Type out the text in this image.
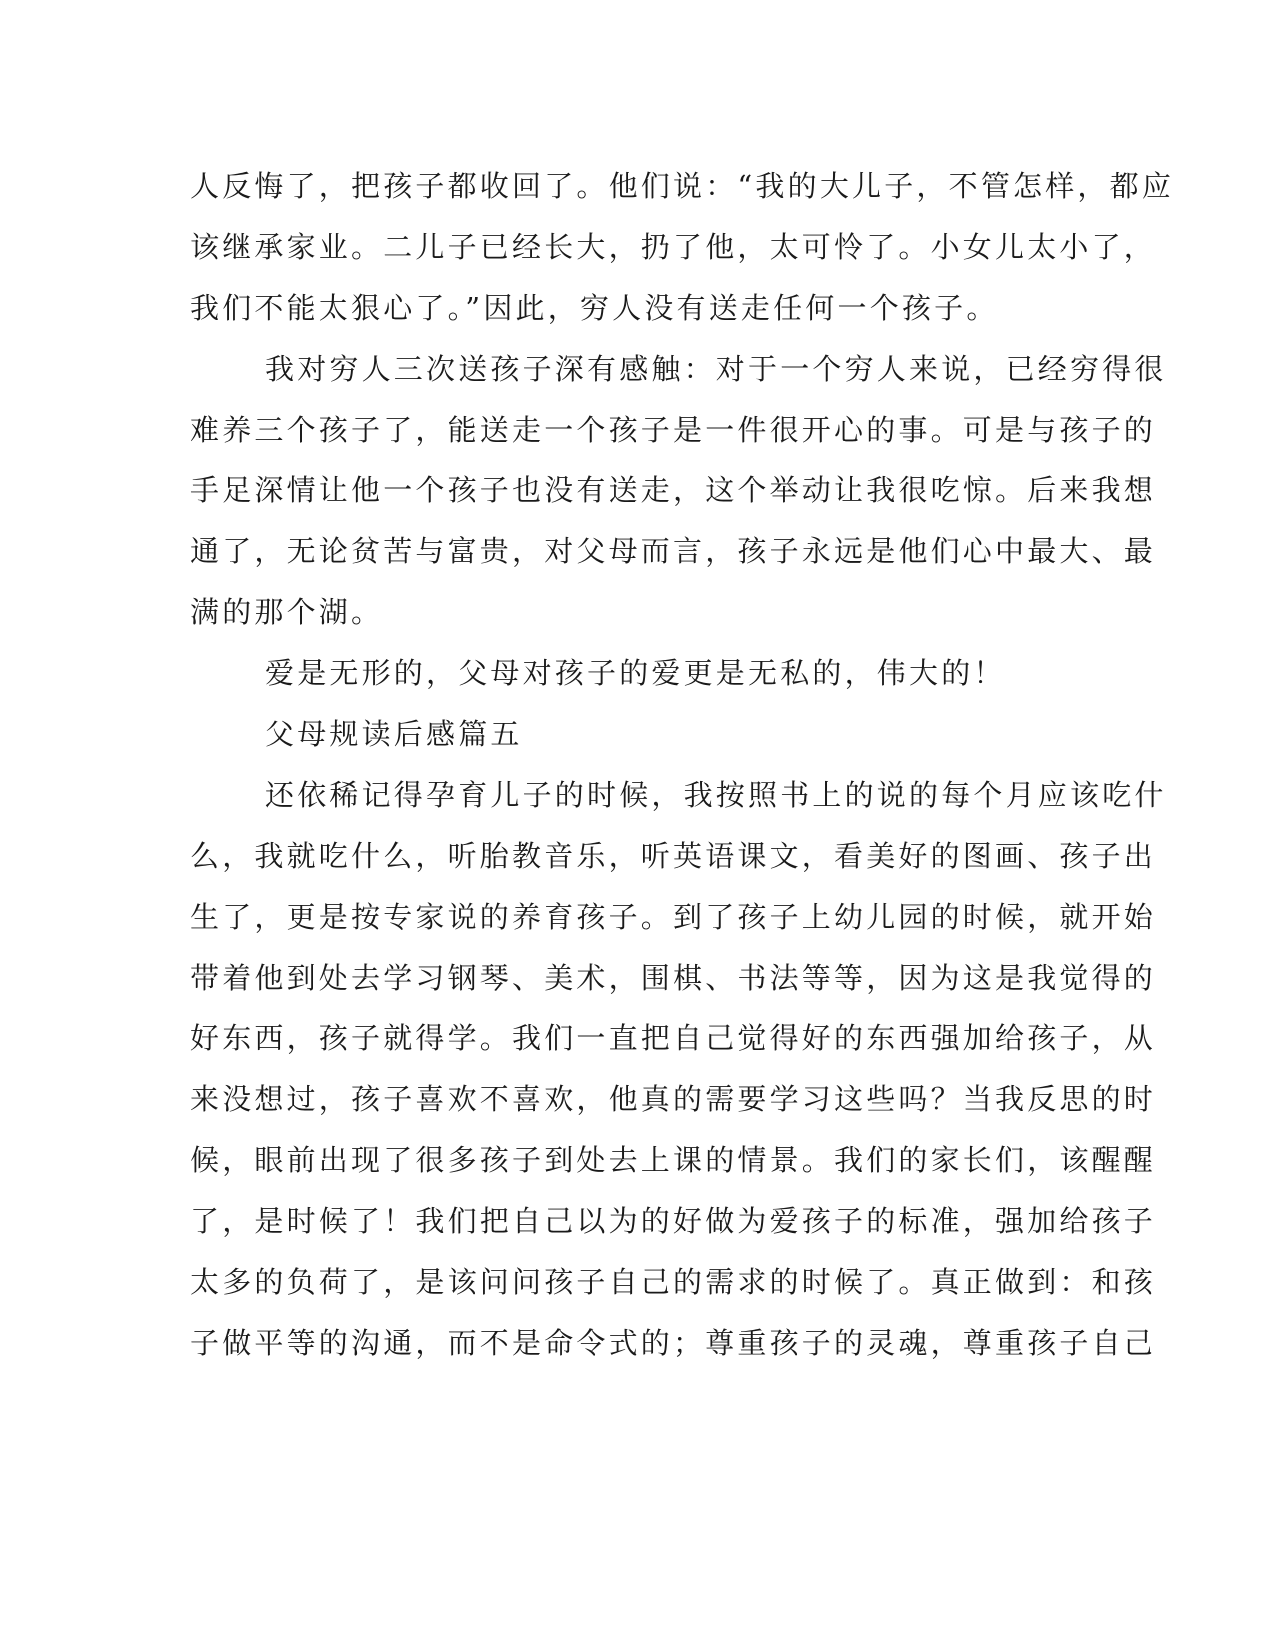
人反悔了，把孩子都收回了。他们说：“我的大儿子，不管怎样，都应
该继承家业。二儿子已经长大，扔了他，太可怜了。小女儿太小了，
我们不能太狠心了。”因此，穷人没有送走任何一个孩子。
我对穷人三次送孩子深有感触：对于一个穷人来说，已经穷得很
难养三个孩子了，能送走一个孩子是一件很开心的事。可是与孩子的
手足深情让他一个孩子也没有送走，这个举动让我很吃惊。后来我想
通了，无论贫苦与富贵，对父母而言，孩子永远是他们心中最大、最
满的那个湖。
爱是无形的，父母对孩子的爱更是无私的，伟大的！
父母规读后感篇五
还依稀记得孕育儿子的时候，我按照书上的说的每个月应该吃什
么，我就吃什么，听胎教音乐，听英语课文，看美好的图画、孩子出
生了，更是按专家说的养育孩子。到了孩子上幼儿园的时候，就开始
带着他到处去学习钢琴、美术，围棋、书法等等，因为这是我觉得的
好东西，孩子就得学。我们一直把自己觉得好的东西强加给孩子，从
来没想过，孩子喜欢不喜欢，他真的需要学习这些吗？当我反思的时
候，眼前出现了很多孩子到处去上课的情景。我们的家长们，该醒醒
了，是时候了！我们把自己以为的好做为爱孩子的标准，强加给孩子
太多的负荷了，是该问问孩子自己的需求的时候了。真正做到：和孩
子做平等的沟通，而不是命令式的；尊重孩子的灵魂，尊重孩子自己
